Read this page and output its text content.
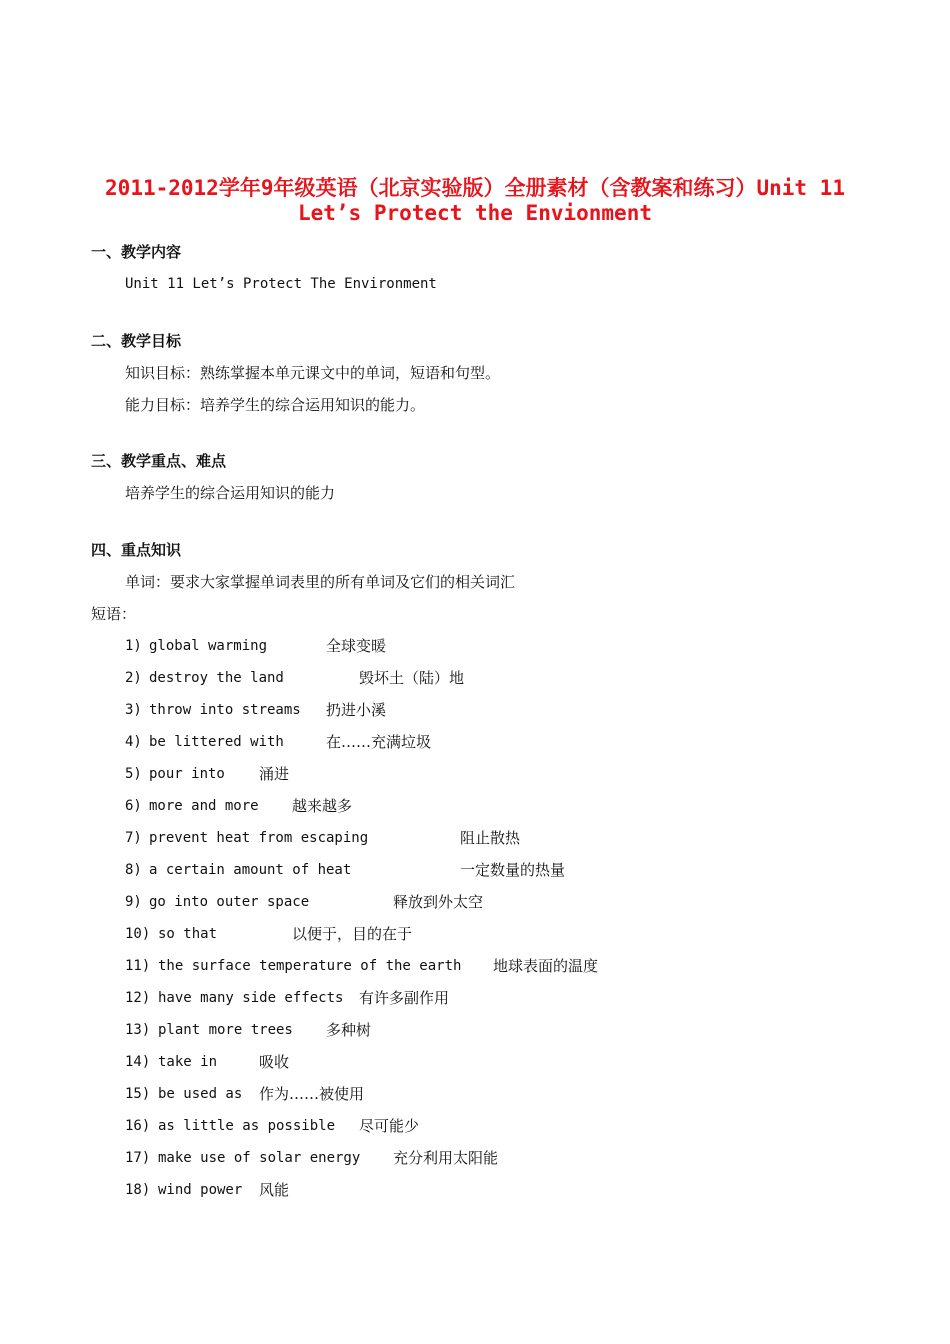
2011-2012学年9年级英语（北京实验版）全册素材（含教案和练习）Unit 11
Let’s Protect the Envionment
一、教学内容
Unit 11 Let’s Protect The Environment
二、教学目标
知识目标：熟练掌握本单元课文中的单词，短语和句型。
能力目标：培养学生的综合运用知识的能力。
三、教学重点、难点
培养学生的综合运用知识的能力
四、重点知识
单词：要求大家掌握单词表里的所有单词及它们的相关词汇
短语：
1) global warming	全球变暖
2) destroy the land	毁坏土（陆）地
3) throw into streams 扔进小溪
4) be littered with	在……充满垃圾
5) pour into 涌进
6) more and more 越来越多
7) prevent heat from escaping	阻止散热
8) a certain amount of heat	一定数量的热量
9) go into outer space	释放到外太空
10) so that	以便于，目的在于
11) the surface temperature of the earth 地球表面的温度
12) have many side effects 有许多副作用
13) plant more trees 多种树
14) take in	吸收
15) be used as 作为……被使用
16) as little as possible 尽可能少
17) make use of solar energy 充分利用太阳能
18) wind power 风能
